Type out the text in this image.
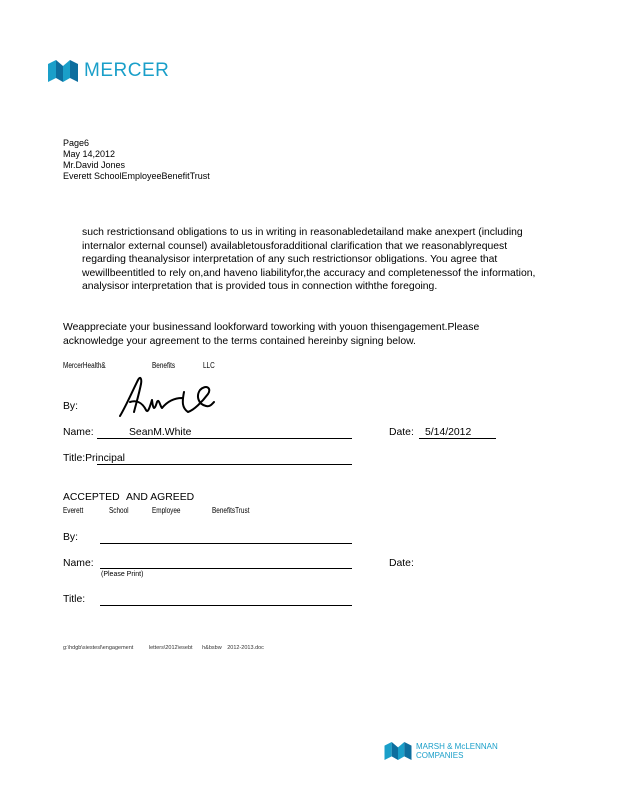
MERCER
Page6
May 14,2012
Mr.David Jones
Everett SchoolEmployeeBenefitTrust
such restrictionsand obligations to us in writing in reasonabledetailand make anexpert (including internalor external counsel) availabletousforadditional clarification that we reasonablyrequest regarding theanalysisor interpretation of any such restrictionsor obligations. You agree that wewillbeentitled to rely on,and haveno liabilityfor,the accuracy and completenessof the information, analysisor interpretation that is provided tous in connection withthe foregoing.
Weappreciate your businessand lookforward toworking with youon thisengagement.Please acknowledge your agreement to the terms contained hereinby signing below.
MercerHealth&	Benefits	LLC
By:
Name:	SeanM.White	Date: 5/14/2012
Title:Principal
ACCEPTED AND AGREED
Everett	School	Employee	BenefitsTrust
By:
Name:
(Please Print)
Date:
Title:
g:\hdgb\siestesl\engagement	letters\2012\esebt h&bsbw 2012-2013.doc
MARSH & McLENNAN
COMPANIES
